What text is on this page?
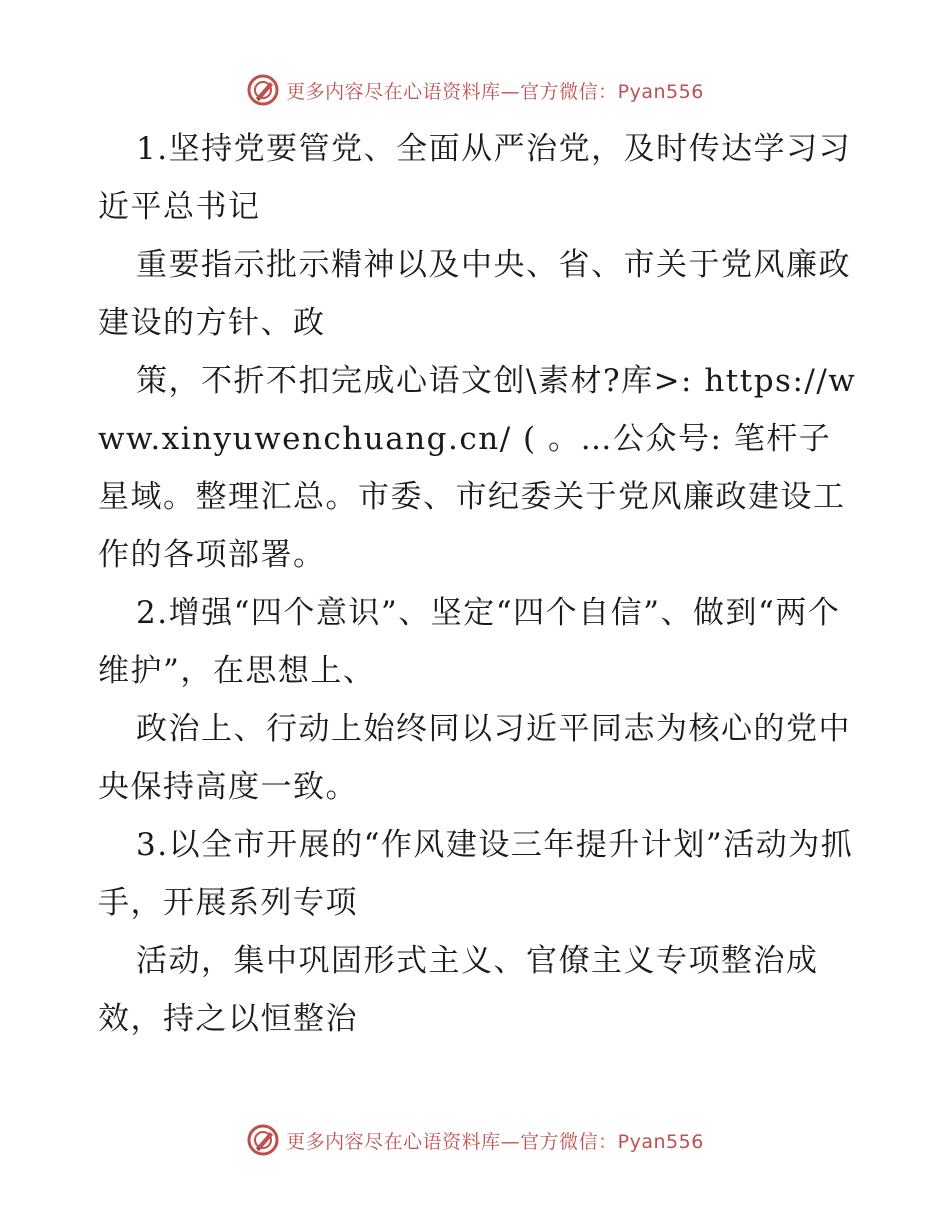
更多内容尽在心语资料库—官方微信：Pyan556

1.坚持党要管党、全面从严治党，及时传达学习习近平总书记

重要指示批示精神以及中央、省、市关于党风廉政建设的方针、政

策，不折不扣完成心语文创\素材?库>: https://www.xinyuwenchuang.cn/ ( 。…公众号: 笔杆子星域。整理汇总。市委、市纪委关于党风廉政建设工作的各项部署。

2.增强“四个意识”、坚定“四个自信”、做到“两个维护”，在思想上、

政治上、行动上始终同以习近平同志为核心的党中央保持高度一致。

3.以全市开展的“作风建设三年提升计划”活动为抓手，开展系列专项

活动，集中巩固形式主义、官僚主义专项整治成效，持之以恒整治

更多内容尽在心语资料库—官方微信：Pyan556
